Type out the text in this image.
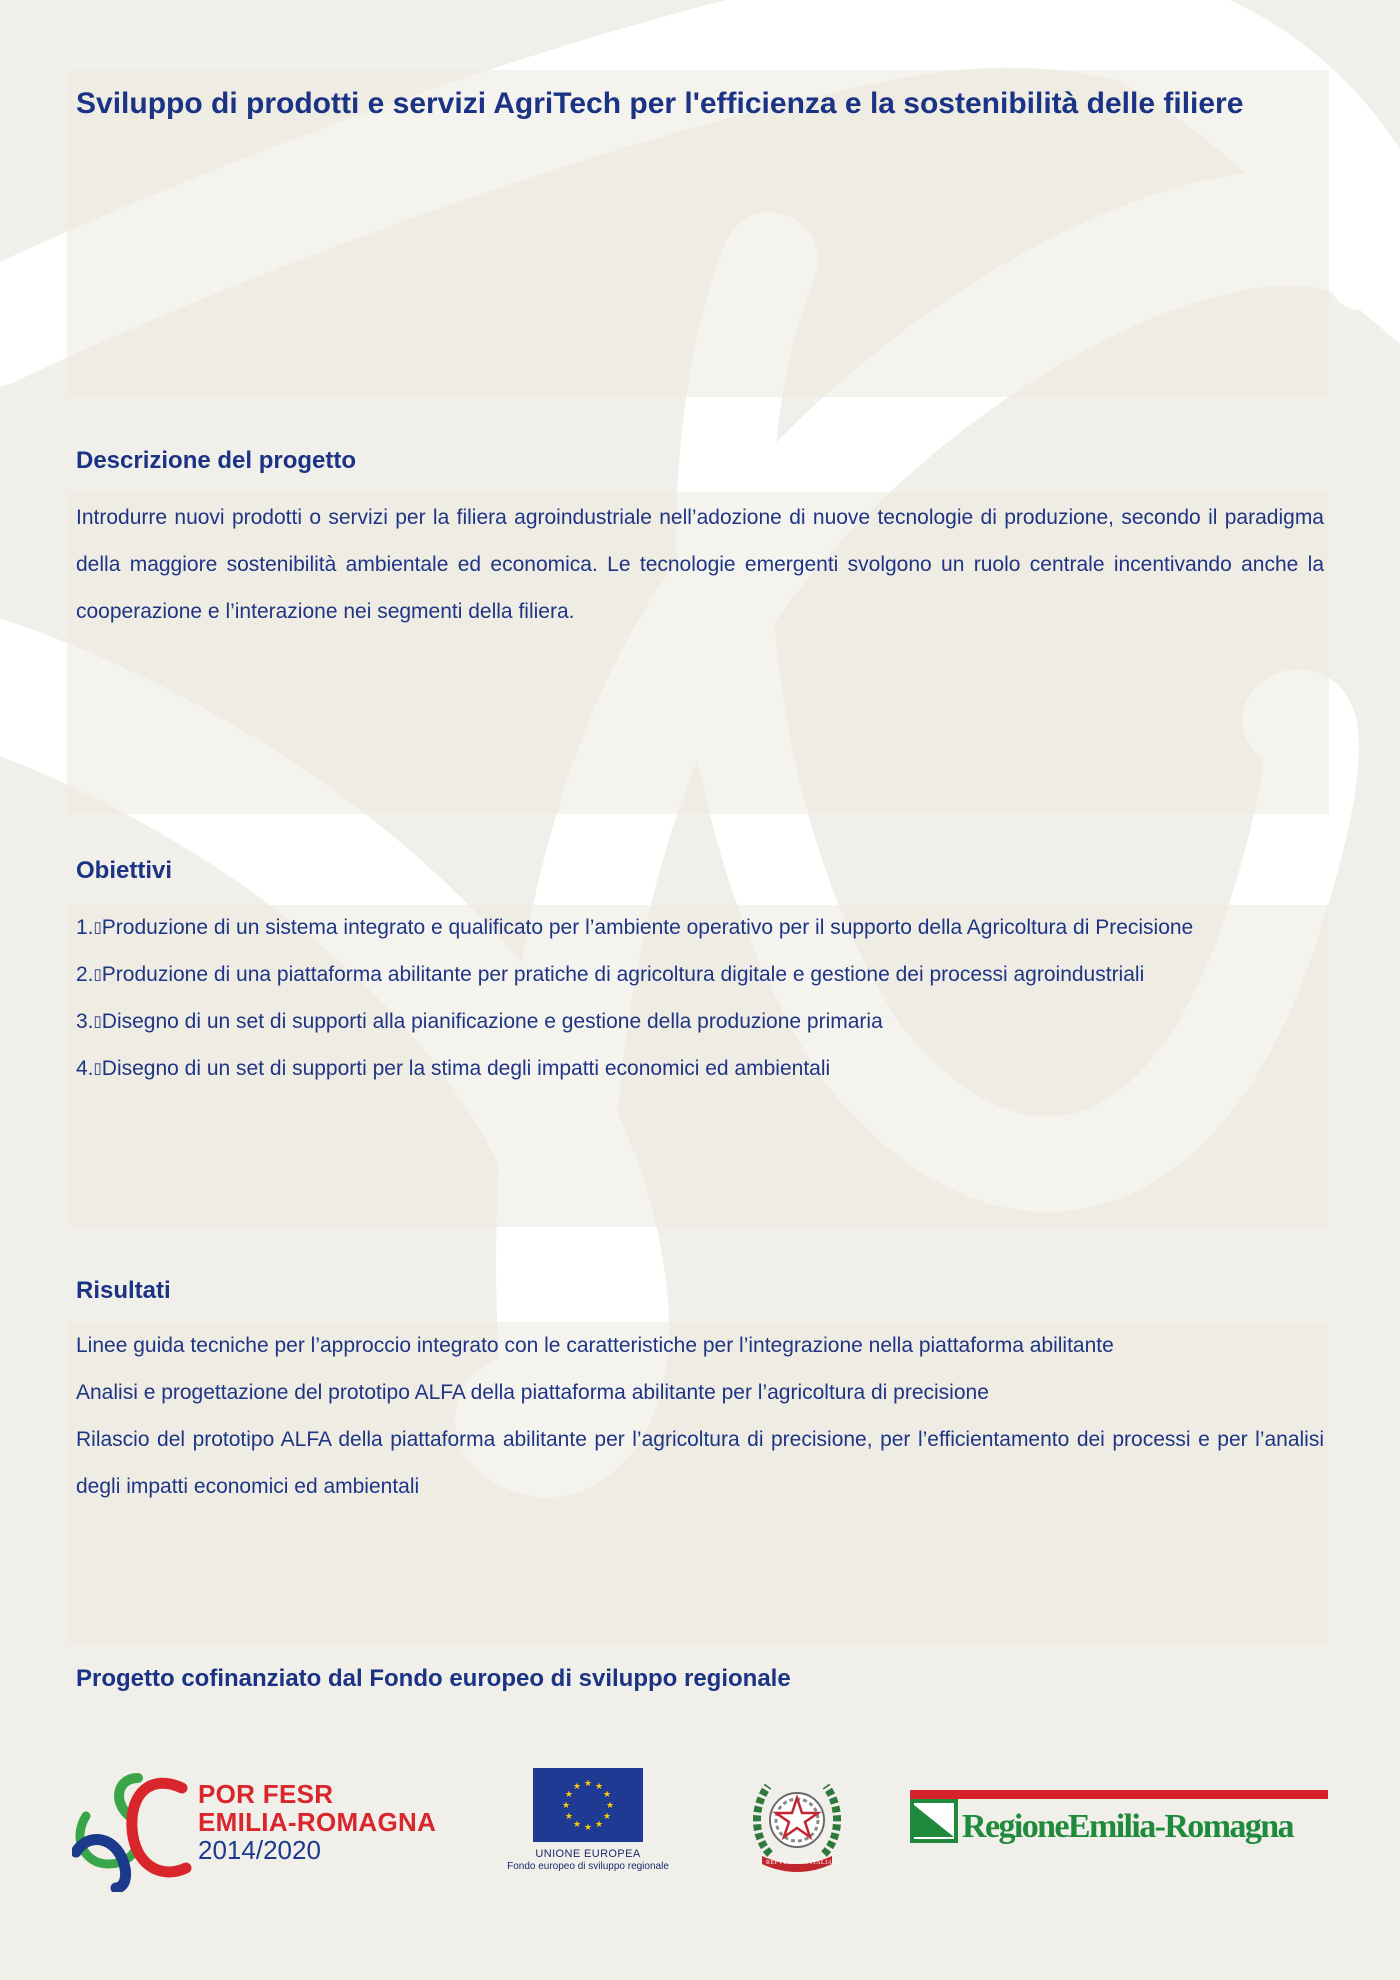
Sviluppo di prodotti e servizi AgriTech per l'efficienza e la sostenibilità delle filiere
Descrizione del progetto

Introdurre nuovi prodotti o servizi per la filiera agroindustriale nell’adozione di nuove tecnologie di produzione, secondo il paradigma della maggiore sostenibilità ambientale ed economica. Le tecnologie emergenti svolgono un ruolo centrale incentivando anche la cooperazione e l’interazione nei segmenti della filiera.

Obiettivi
1. ▯ Produzione di un sistema integrato e qualificato per l’ambiente operativo per il supporto della Agricoltura di Precisione
2. ▯ Produzione di una piattaforma abilitante per pratiche di agricoltura digitale e gestione dei processi agroindustriali
3. ▯ Disegno di un set di supporti alla pianificazione e gestione della produzione primaria
4. ▯ Disegno di un set di supporti per la stima degli impatti economici ed ambientali
Risultati

Linee guida tecniche per l’approccio integrato con le caratteristiche per l’integrazione nella piattaforma abilitante

Analisi e progettazione del prototipo ALFA della piattaforma abilitante per l’agricoltura di precisione

Rilascio del prototipo ALFA della piattaforma abilitante per l’agricoltura di precisione, per l’efficientamento dei processi e per l’analisi degli impatti economici ed ambientali

Progetto cofinanziato dal Fondo europeo di sviluppo regionale

POR FESR
EMILIA-ROMAGNA
2014/2020
★ ★
★
★
★
★
★
★
★
★
★
★
UNIONE EUROPEA
Fondo europeo di sviluppo regionale	REPVBBLICA ITALIANA
RegioneEmilia-Romagna
